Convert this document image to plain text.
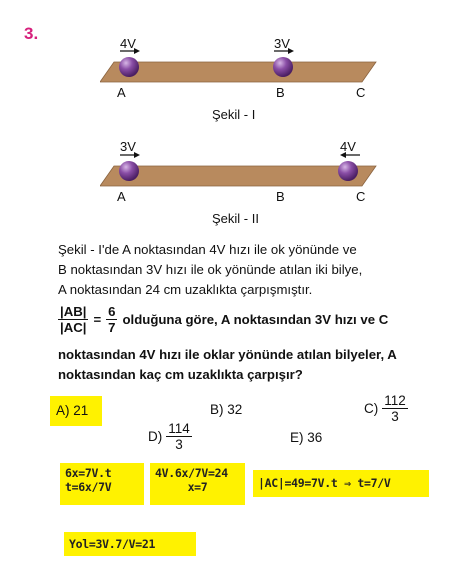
3.
4V	3V
A	B	C
Şekil - I
3V	4V
A	B	C
Şekil - II
Şekil - I'de A noktasından 4V hızı ile ok yönünde ve
B noktasından 3V hızı ile ok yönünde atılan iki bilye,
A noktasından 24 cm uzaklıkta çarpışmıştır.
$\frac{|AB|}{|AC|} = \frac{6}{7}$ olduğuna göre, A noktasından 3V hızı ve C
noktasından 4V hızı ile oklar yönünde atılan bilyeler, A
noktasından kaç cm uzaklıkta çarpışır?
A) 21	B) 32	$C) \frac{112}{3}$
$D) \frac{114}{3}$	E) 36
6x=7V.t
t=6x/7V
4V.6x/7V=24
x=7	|AC|=49=7V.t ⇒ t=7/V
Yol=3V.7/V=21
